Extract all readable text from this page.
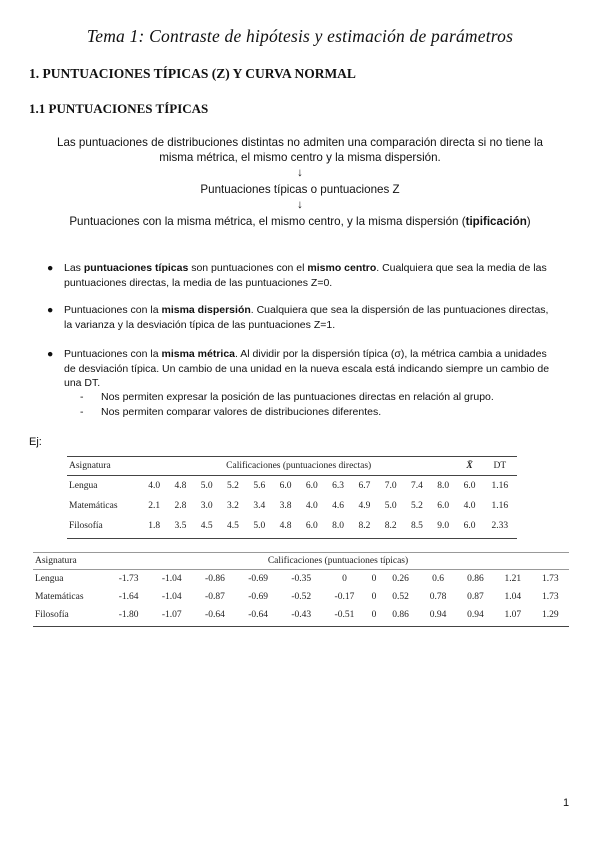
Tema 1: Contraste de hipótesis y estimación de parámetros
1. PUNTUACIONES TÍPICAS (Z) Y CURVA NORMAL
1.1 PUNTUACIONES TÍPICAS
Las puntuaciones de distribuciones distintas no admiten una comparación directa si no tiene la
misma métrica, el mismo centro y la misma dispersión.
↓
Puntuaciones típicas o puntuaciones Z
↓
Puntuaciones con la misma métrica, el mismo centro, y la misma dispersión (tipificación)
● Las puntuaciones típicas son puntuaciones con el mismo centro. Cualquiera que sea la media de las puntuaciones directas, la media de las puntuaciones Z=0.
● Puntuaciones con la misma dispersión. Cualquiera que sea la dispersión de las puntuaciones directas, la varianza y la desviación típica de las puntuaciones Z=1.
● Puntuaciones con la misma métrica. Al dividir por la dispersión típica (σ), la métrica cambia a unidades de desviación típica. Un cambio de una unidad en la nueva escala está indicando siempre un cambio de una DT.
- Nos permiten expresar la posición de las puntuaciones directas en relación al grupo.
- Nos permiten comparar valores de distribuciones diferentes.
Ej:
Asignatura	Calificaciones (puntuaciones directas)												X̄	DT
Lengua	4.0	4.8	5.0	5.2	5.6	6.0	6.0	6.3	6.7	7.0	7.4	8.0	6.0	1.16
Matemáticas	2.1	2.8	3.0	3.2	3.4	3.8	4.0	4.6	4.9	5.0	5.2	6.0	4.0	1.16
Filosofía	1.8	3.5	4.5	4.5	5.0	4.8	6.0	8.0	8.2	8.2	8.5	9.0	6.0	2.33
Asignatura	Calificaciones (puntuaciones típicas)											
Lengua	-1.73	-1.04	-0.86	-0.69	-0.35	0	0	0.26	0.6	0.86	1.21	1.73
Matemáticas	-1.64	-1.04	-0.87	-0.69	-0.52	-0.17	0	0.52	0.78	0.87	1.04	1.73
Filosofía	-1.80	-1.07	-0.64	-0.64	-0.43	-0.51	0	0.86	0.94	0.94	1.07	1.29
1
